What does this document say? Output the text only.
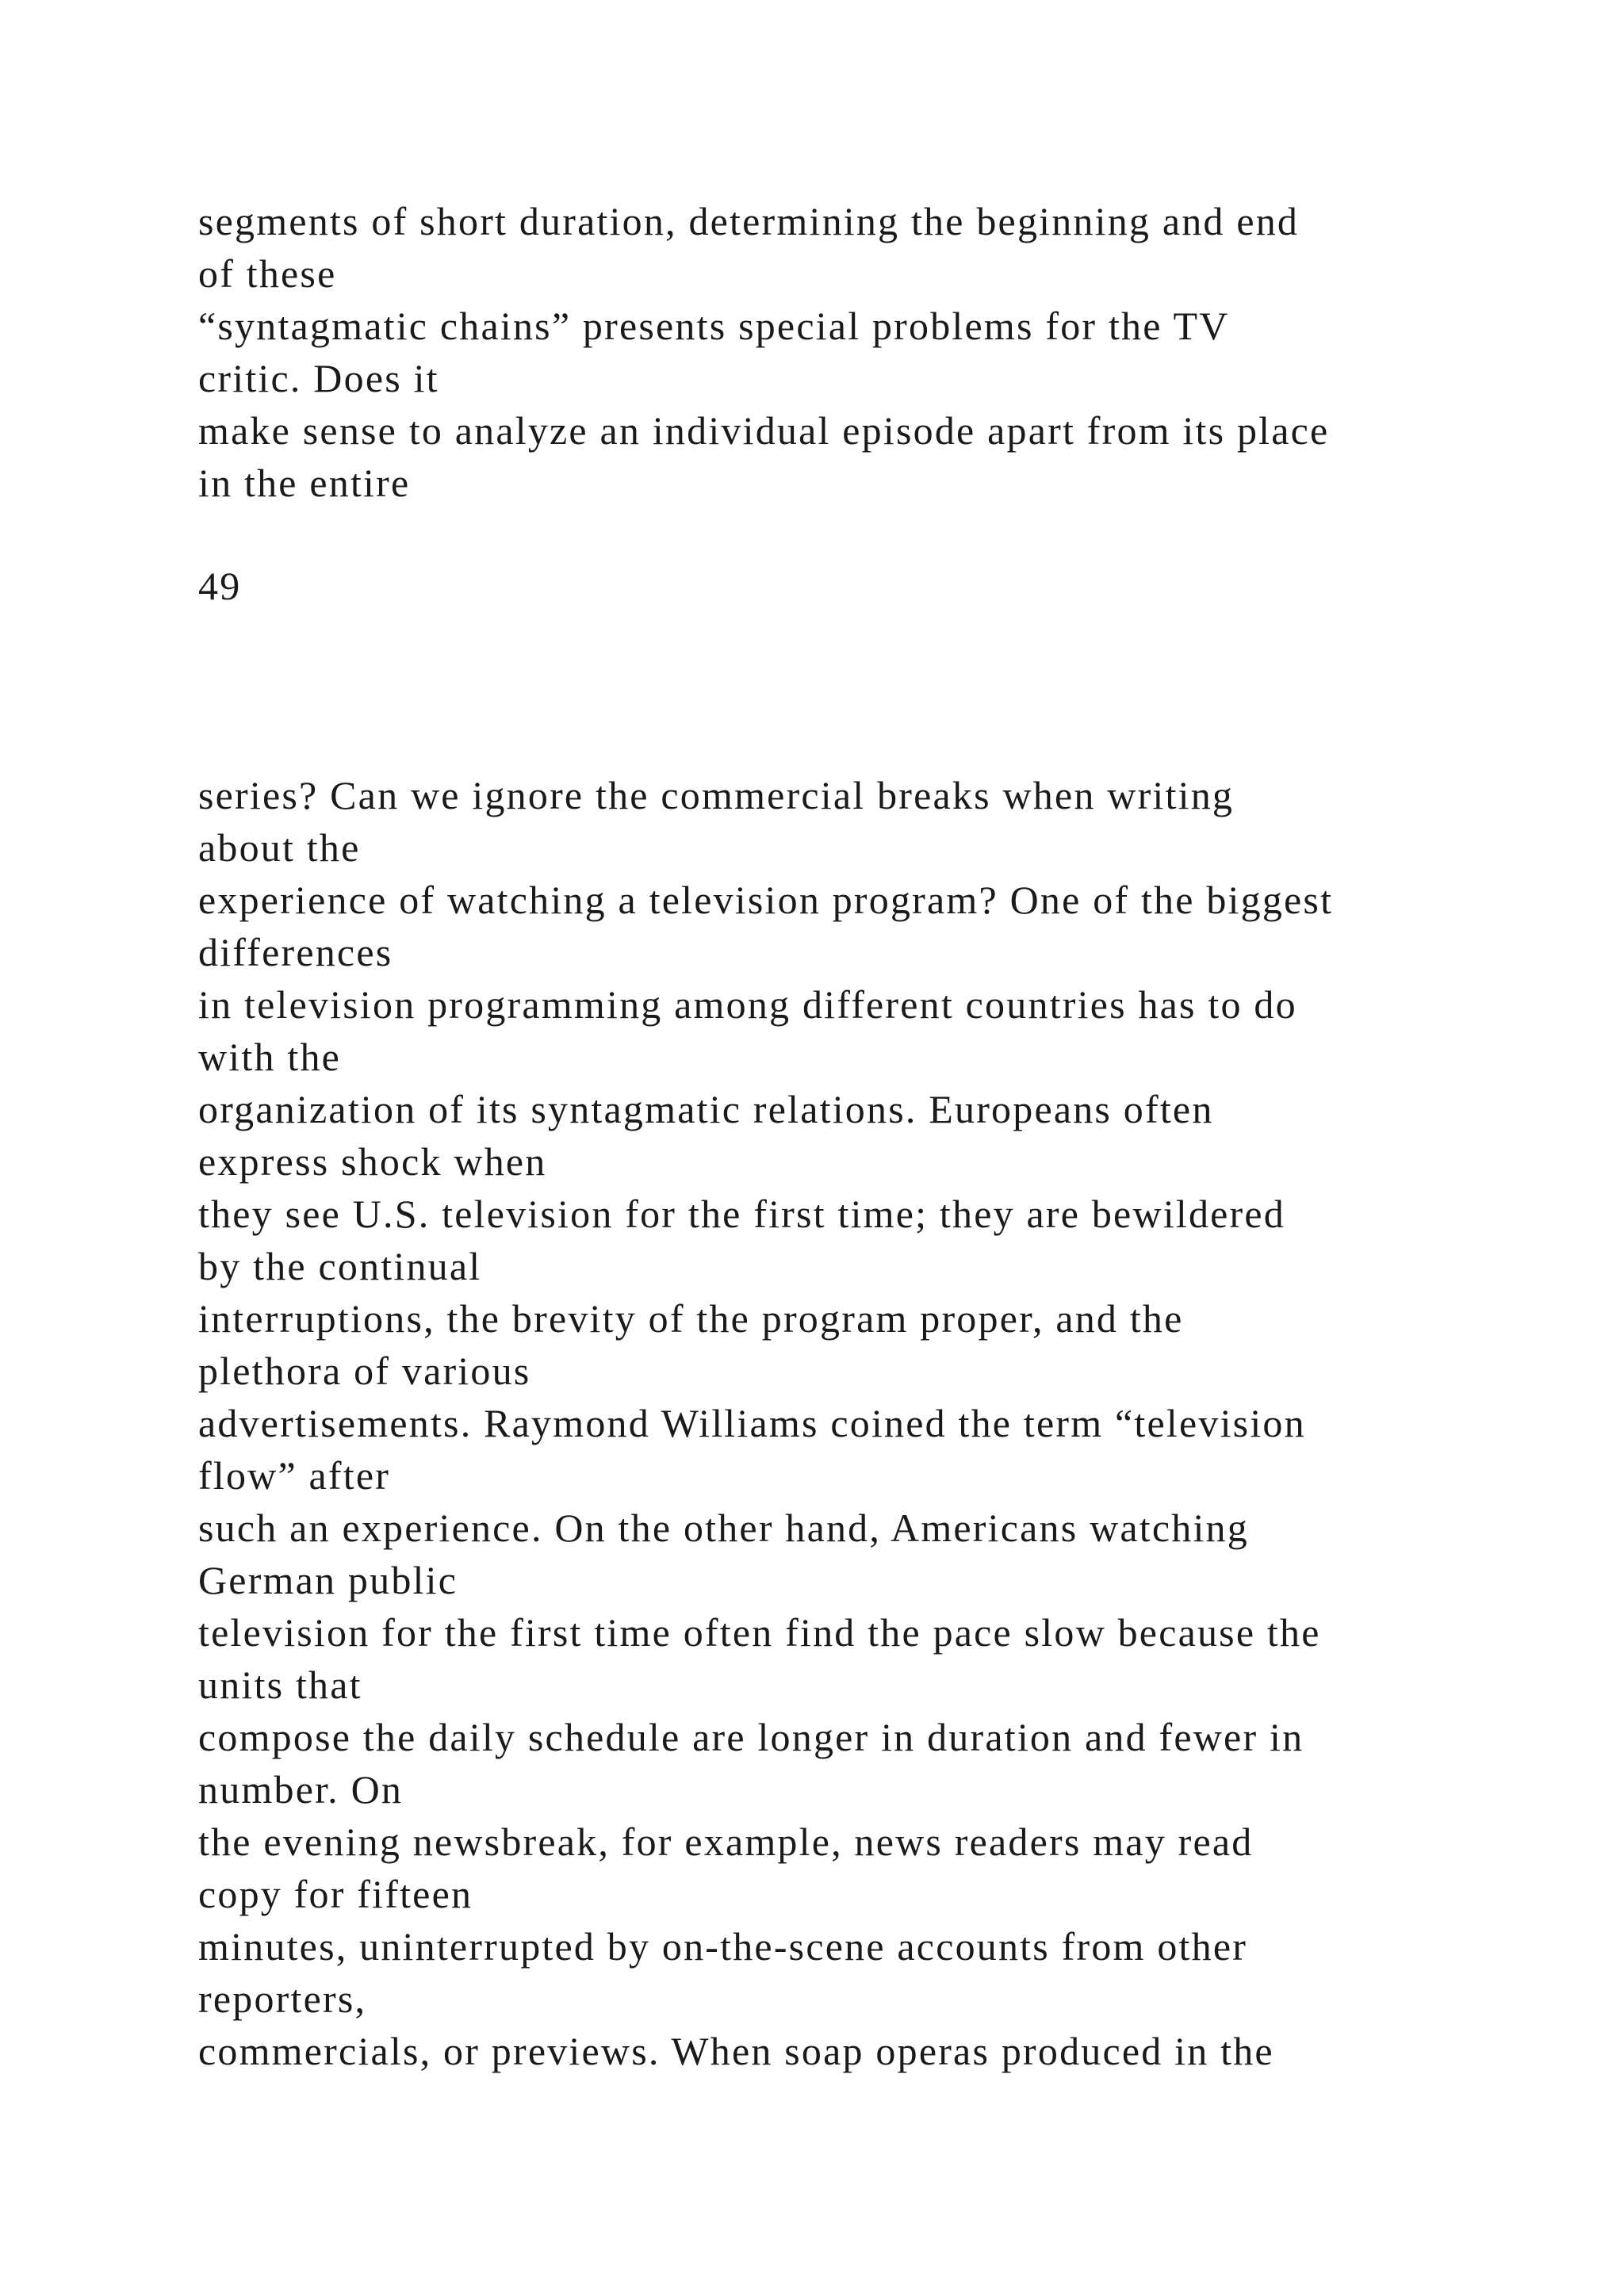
segments of short duration, determining the beginning and end
of these
“syntagmatic chains” presents special problems for the TV
critic. Does it
make sense to analyze an individual episode apart from its place
in the entire
49
series? Can we ignore the commercial breaks when writing
about the
experience of watching a television program? One of the biggest
differences
in television programming among different countries has to do
with the
organization of its syntagmatic relations. Europeans often
express shock when
they see U.S. television for the first time; they are bewildered
by the continual
interruptions, the brevity of the program proper, and the
plethora of various
advertisements. Raymond Williams coined the term “television
flow” after
such an experience. On the other hand, Americans watching
German public
television for the first time often find the pace slow because the
units that
compose the daily schedule are longer in duration and fewer in
number. On
the evening newsbreak, for example, news readers may read
copy for fifteen
minutes, uninterrupted by on-the-scene accounts from other
reporters,
commercials, or previews. When soap operas produced in the
